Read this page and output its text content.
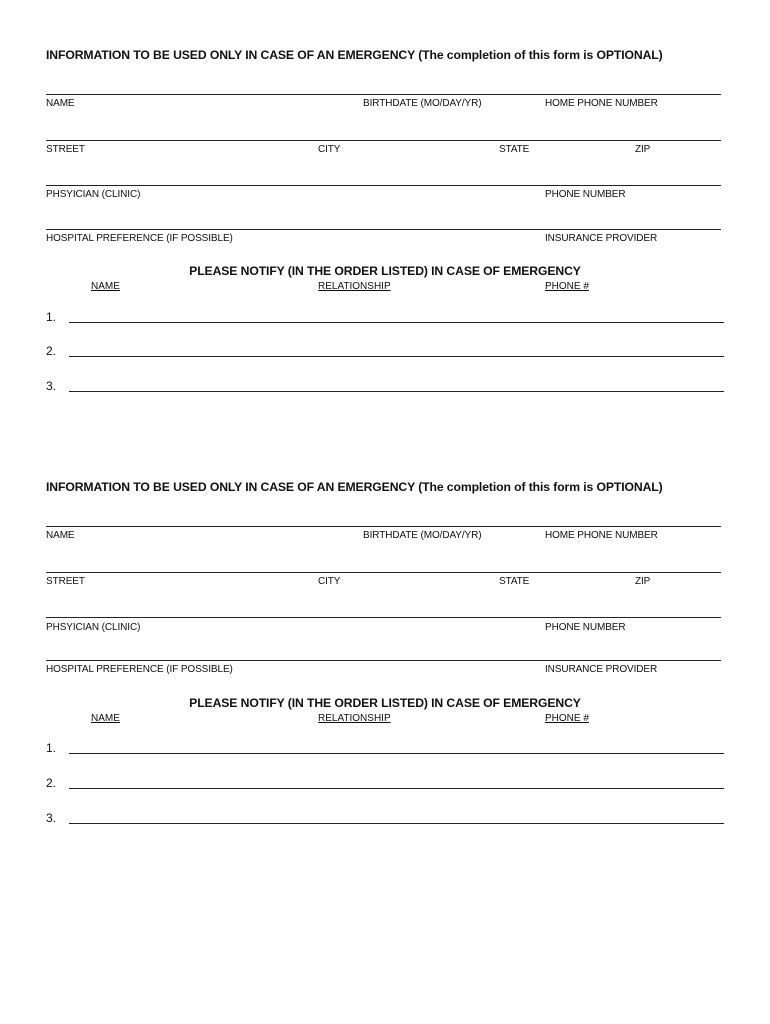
INFORMATION TO BE USED ONLY IN CASE OF AN EMERGENCY (The completion of this form is OPTIONAL)
NAME	BIRTHDATE (MO/DAY/YR)	HOME PHONE NUMBER
STREET	CITY	STATE	ZIP
PHSYICIAN (CLINIC)	PHONE NUMBER
HOSPITAL PREFERENCE (IF POSSIBLE)	INSURANCE PROVIDER
PLEASE NOTIFY (IN THE ORDER LISTED) IN CASE OF EMERGENCY
NAME	RELATIONSHIP	PHONE #
1.
2.
3.
INFORMATION TO BE USED ONLY IN CASE OF AN EMERGENCY (The completion of this form is OPTIONAL)
NAME	BIRTHDATE (MO/DAY/YR)	HOME PHONE NUMBER
STREET	CITY	STATE	ZIP
PHSYICIAN (CLINIC)	PHONE NUMBER
HOSPITAL PREFERENCE (IF POSSIBLE)	INSURANCE PROVIDER
PLEASE NOTIFY (IN THE ORDER LISTED) IN CASE OF EMERGENCY
NAME	RELATIONSHIP	PHONE #
1.
2.
3.
